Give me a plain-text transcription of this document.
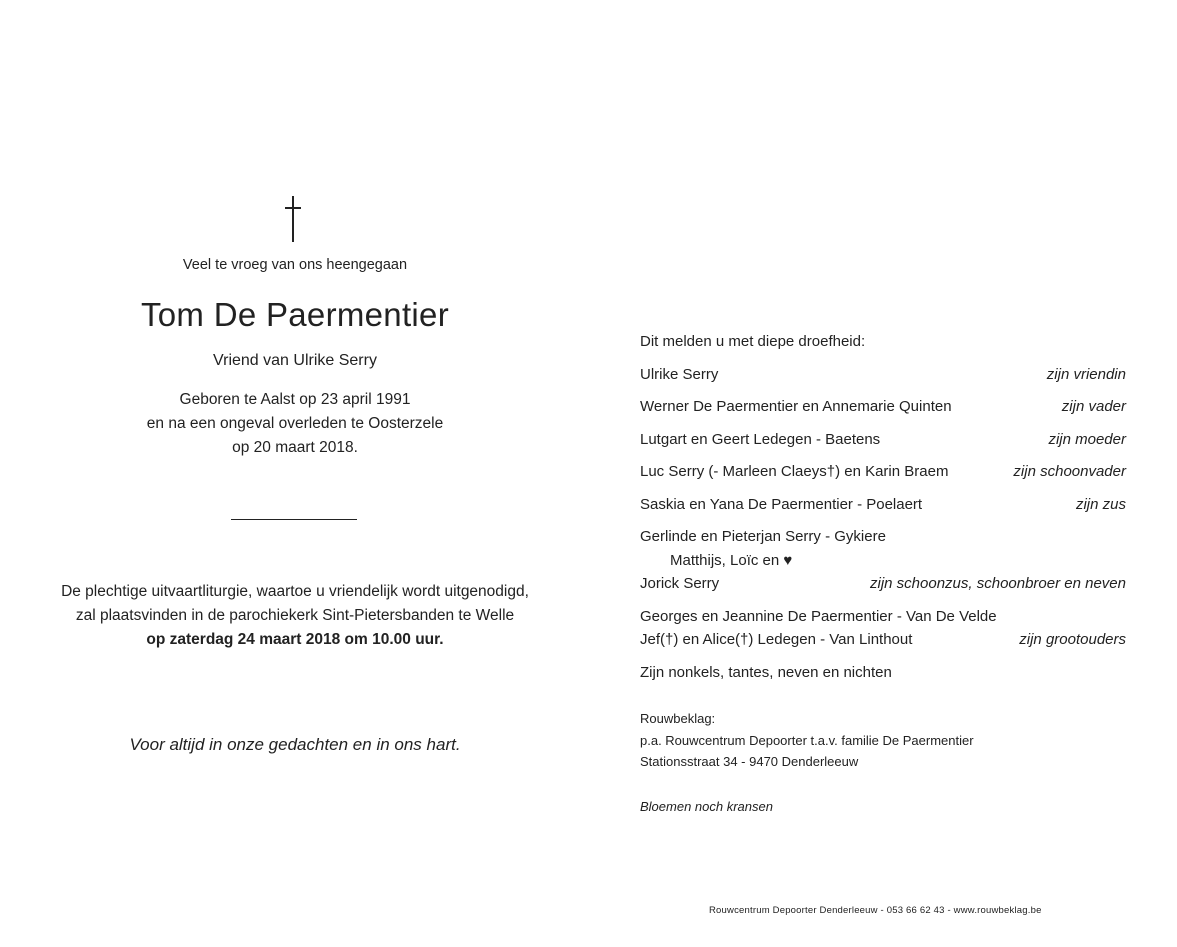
Veel te vroeg van ons heengegaan
Tom De Paermentier
Vriend van Ulrike Serry
Geboren te Aalst op 23 april 1991
en na een ongeval overleden te Oosterzele
op 20 maart 2018.
De plechtige uitvaartliturgie, waartoe u vriendelijk wordt uitgenodigd,
zal plaatsvinden in de parochiekerk Sint-Pietersbanden te Welle
op zaterdag 24 maart 2018 om 10.00 uur.
Voor altijd in onze gedachten en in ons hart.
Dit melden u met diepe droefheid:
Ulrike Serry	zijn vriendin
Werner De Paermentier en Annemarie Quinten	zijn vader
Lutgart en Geert Ledegen - Baetens	zijn moeder
Luc Serry (- Marleen Claeys†) en Karin Braem	zijn schoonvader
Saskia en Yana De Paermentier - Poelaert	zijn zus
Gerlinde en Pieterjan Serry - Gykiere
Matthijs, Loïc en ♥
Jorick Serry	zijn schoonzus, schoonbroer en neven
Georges en Jeannine De Paermentier - Van De Velde
Jef(†) en Alice(†) Ledegen - Van Linthout	zijn grootouders
Zijn nonkels, tantes, neven en nichten
Rouwbeklag:
p.a. Rouwcentrum Depoorter t.a.v. familie De Paermentier
Stationsstraat 34 - 9470 Denderleeuw
Bloemen noch kransen
Rouwcentrum Depoorter Denderleeuw - 053 66 62 43 - www.rouwbeklag.be
